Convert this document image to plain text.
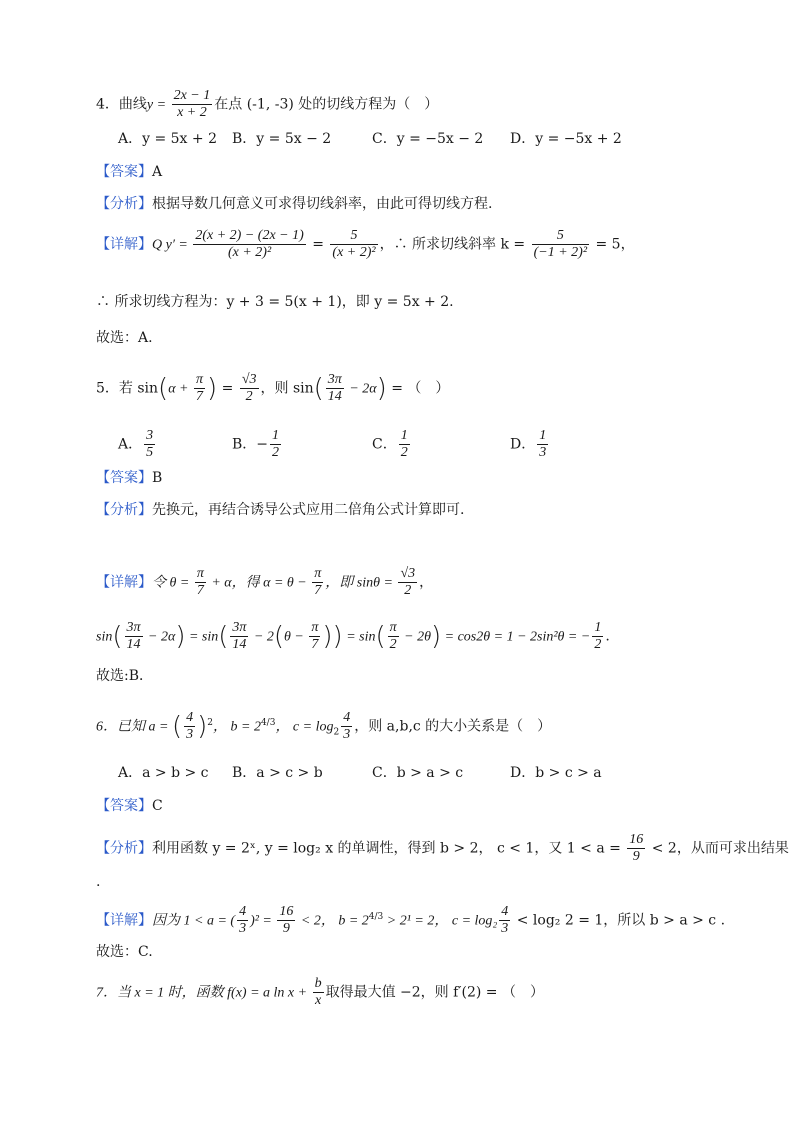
4．曲线$y = \frac{2x - 1}{x + 2}$ 在点 (-1, -3) 处的切线方程为（　）
A．y = 5x + 2 B．y = 5x − 2	C．y = −5x − 2 D．y = −5x + 2
【答案】A
【分析】根据导数几何意义可求得切线斜率，由此可得切线方程.
【详解】Q $y' = \frac{2(x + 2) - (2x - 1)}{\text{(x + 2)²}} = \frac{5}{\text{(x + 2)²}}$ ，∴ 所求切线斜率 $k = \frac{5}{\text{(−1 + 2)²}} = 5$，
∴ 所求切线方程为：y + 3 = 5(x + 1)，即 y = 5x + 2.
故选：A.
5．若 $\sin(\alpha + \frac{\pi}{7}$ ) = $\frac{√3}{2}$ ，则 $\sin( \frac{3\pi}{14} - 2\alpha)$ = （　）
A． $\frac{3}{5}$	B．− $\frac{1}{2}$	C． $\frac{1}{2}$	D． $\frac{1}{3}$
【答案】B
【分析】先换元，再结合诱导公式应用二倍角公式计算即可.
【详解】令 $\theta = \frac{\pi}{7} + \alpha$，得 $\alpha = \theta - \frac{\pi}{7}$ ，即 $\sin\theta = \frac{√3}{2}$ ，
$\sin( \frac{3\pi}{14} - 2\alpha) = \sin( \frac{3\pi}{14} - 2(\theta - \frac{\pi}{7}$ )) = $\sin( \frac{\pi}{2} - 2\theta) = \cos 2\theta = 1 - 2\sin^2\theta$ = − $\frac{1}{2}$ .
故选:B．
6．已知 a = ( $\frac{4}{3} )^2$， $b = 2^{4/3}$， $c = \log_2 \frac{4}{3}$ ，则 a,b,c 的大小关系是（　）
A．a > b > c B．a > c > b	C．b > a > c	D．b > c > a
【答案】C
【分析】利用函数 y = 2ˣ, y = log₂ x 的单调性，得到 b > 2， c < 1，又 $1 < a = \frac{16}{9} < 2$，从而可求出结果
.
【详解】因为 1 < a = ( $\frac{4}{3} )^2 = \frac{16}{9} < 2$， $b = 2^{4/3} > 2^1 = 2$， $c = \log_2 \frac{4}{3} < \log_2$ 2 = 1，所以 b > a > c .
故选：C.
7．当 x = 1 时，函数 f(x) = a $\ln x + \frac{b}{x}$ 取得最大值 −2，则 f′(2) = （　）
